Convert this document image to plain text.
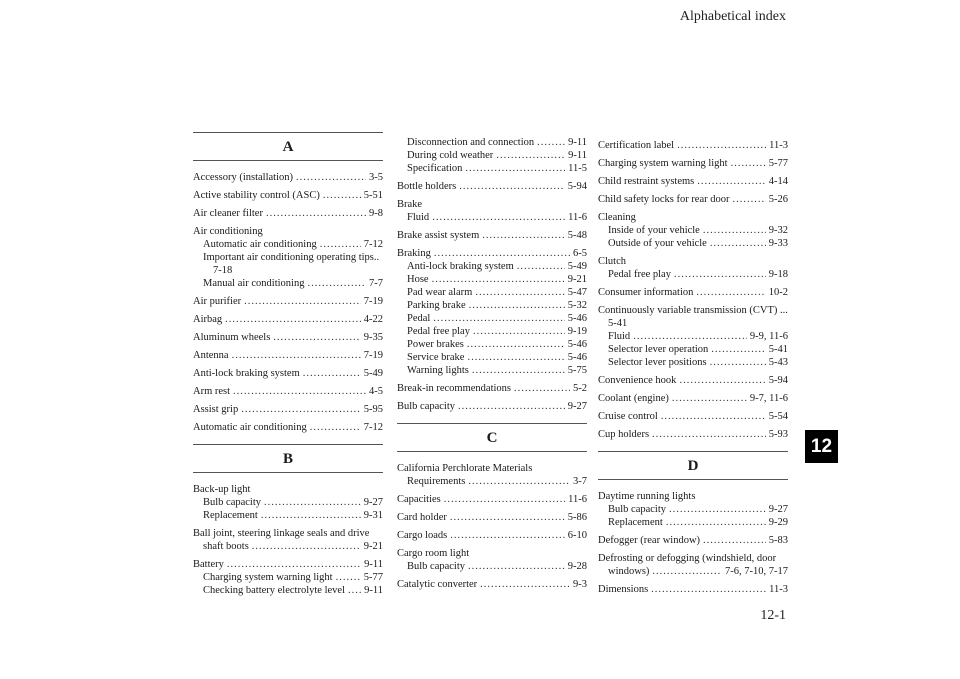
Alphabetical index
12
12-1
A
Accessory (installation) .....	3-5
Active stability control (ASC) .....	5-51
Air cleaner filter .....	9-8
Air conditioning
Automatic air conditioning .....	7-12
Important air conditioning operating tips..
7-18
Manual air conditioning .....	7-7
Air purifier .....	7-19
Airbag .....	4-22
Aluminum wheels .....	9-35
Antenna .....	7-19
Anti-lock braking system .....	5-49
Arm rest .....	4-5
Assist grip .....	5-95
Automatic air conditioning .....	7-12
B
Back-up light
Bulb capacity .....	9-27
Replacement .....	9-31
Ball joint, steering linkage seals and drive
shaft boots .....	9-21
Battery .....	9-11
Charging system warning light .....	5-77
Checking battery electrolyte level ..... 9-11
Disconnection and connection .....	9-11
During cold weather .....	9-11
Specification .....	11-5
Bottle holders .....	5-94
Brake
Fluid .....	11-6
Brake assist system .....	5-48
Braking .....	6-5
Anti-lock braking system .....	5-49
Hose .....	9-21
Pad wear alarm .....	5-47
Parking brake .....	5-32
Pedal .....	5-46
Pedal free play .....	9-19
Power brakes .....	5-46
Service brake .....	5-46
Warning lights .....	5-75
Break-in recommendations .....	5-2
Bulb capacity .....	9-27
C
California Perchlorate Materials
Requirements .....	3-7
Capacities .....	11-6
Card holder .....	5-86
Cargo loads .....	6-10
Cargo room light
Bulb capacity .....	9-28
Catalytic converter .....	9-3
Certification label .....	11-3
Charging system warning light .....	5-77
Child restraint systems .....	4-14
Child safety locks for rear door .....	5-26
Cleaning
Inside of your vehicle .....	9-32
Outside of your vehicle .....	9-33
Clutch
Pedal free play .....	9-18
Consumer information .....	10-2
Continuously variable transmission (CVT) ...
5-41
Fluid .....	9-9, 11-6
Selector lever operation .....	5-41
Selector lever positions .....	5-43
Convenience hook .....	5-94
Coolant (engine) .....	9-7, 11-6
Cruise control .....	5-54
Cup holders .....	5-93
D
Daytime running lights
Bulb capacity .....	9-27
Replacement .....	9-29
Defogger (rear window) .....	5-83
Defrosting or defogging (windshield, door
windows) .....	7-6, 7-10, 7-17
Dimensions .....	11-3
